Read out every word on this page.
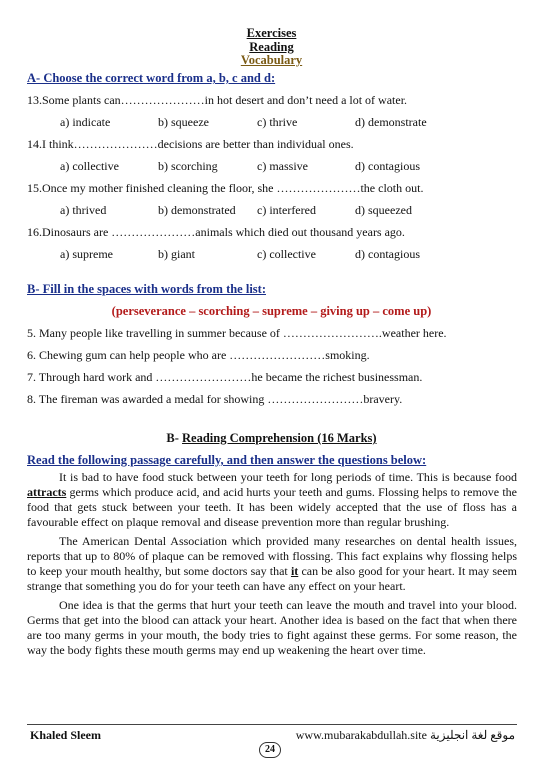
Exercises
Reading
Vocabulary
A- Choose the correct word from a, b, c and d:
13.Some plants can…………………in hot desert and don’t need a lot of water.
a) indicate	b) squeeze	c) thrive	d) demonstrate
14.I think…………………decisions are better than individual ones.
a) collective	b) scorching	c) massive	d) contagious
15.Once my mother finished cleaning the floor, she …………………the cloth out.
a) thrived	b) demonstrated c) interfered	d) squeezed
16.Dinosaurs are …………………animals which died out thousand years ago.
a) supreme	b) giant	c) collective	d) contagious
B- Fill in the spaces with words from the list:
(perseverance – scorching – supreme – giving up – come up)
5. Many people like travelling in summer because of …………………….weather here.
6. Chewing gum can help people who are ……………………smoking.
7. Through hard work and ……………………he became the richest businessman.
8. The fireman was awarded a medal for showing ……………………bravery.
B- Reading Comprehension (16 Marks)
Read the following passage carefully, and then answer the questions below:

It is bad to have food stuck between your teeth for long periods of time. This is because food attracts germs which produce acid, and acid hurts your teeth and gums. Flossing helps to remove the food that gets stuck between your teeth. It has been widely accepted that the use of floss has a favourable effect on plaque removal and disease prevention more than regular brushing.

The American Dental Association which provided many researches on dental health issues, reports that up to 80% of plaque can be removed with flossing. This fact explains why flossing helps to keep your mouth healthy, but some doctors say that it can be also good for your heart. It may seem strange that something you do for your teeth can have any effect on your heart.

One idea is that the germs that hurt your teeth can leave the mouth and travel into your blood. Germs that get into the blood can attack your heart. Another idea is based on the fact that when there are too many germs in your mouth, the body tries to fight against these germs. For some reason, the way the body fights these mouth germs may end up weakening the heart over time.

Khaled Sleem	www.mubarakabdullah.site موقع لغة انجليزية
24
